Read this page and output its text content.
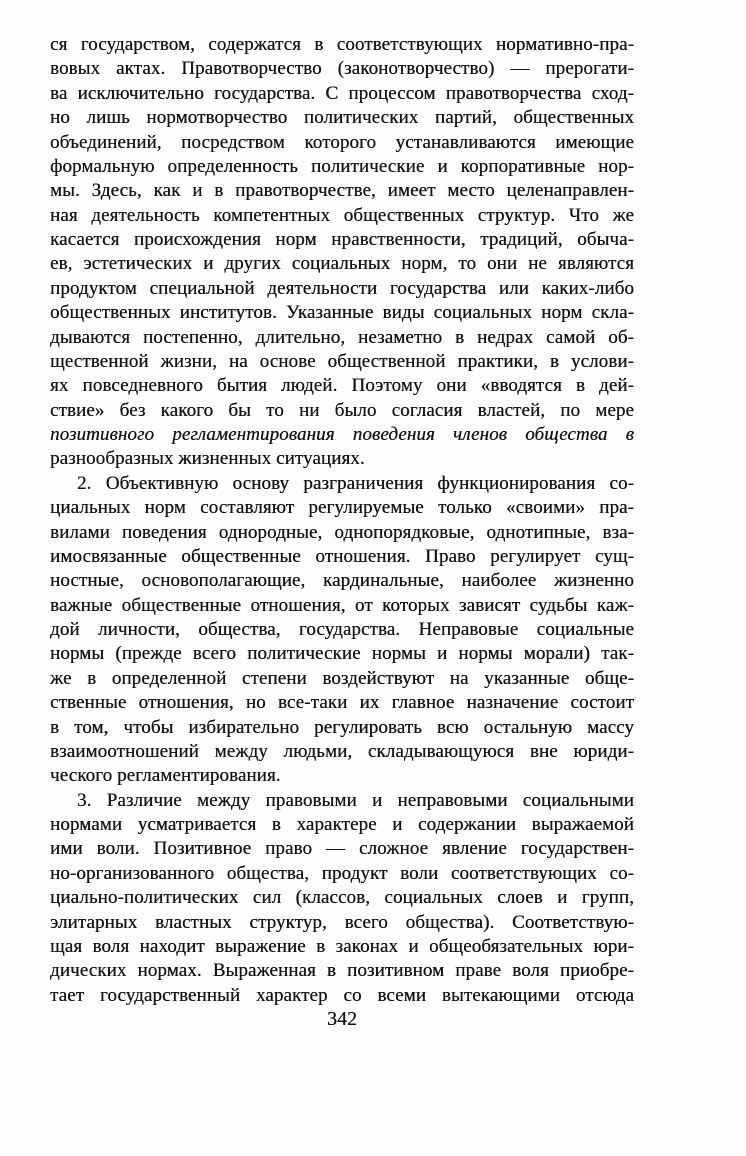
ся государством, содержатся в соответствующих нормативно-пра-
вовых актах. Правотворчество (законотворчество) — прерогати-
ва исключительно государства. С процессом правотворчества сход-
но лишь нормотворчество политических партий, общественных
объединений, посредством которого устанавливаются имеющие
формальную определенность политические и корпоративные нор-
мы. Здесь, как и в правотворчестве, имеет место целенаправлен-
ная деятельность компетентных общественных структур. Что же
касается происхождения норм нравственности, традиций, обыча-
ев, эстетических и других социальных норм, то они не являются
продуктом специальной деятельности государства или каких-либо
общественных институтов. Указанные виды социальных норм скла-
дываются постепенно, длительно, незаметно в недрах самой об-
щественной жизни, на основе общественной практики, в услови-
ях повседневного бытия людей. Поэтому они «вводятся в дей-
ствие» без какого бы то ни было согласия властей, по мере
позитивного регламентирования поведения членов общества в
разнообразных жизненных ситуациях.
2. Объективную основу разграничения функционирования со-
циальных норм составляют регулируемые только «своими» пра-
вилами поведения однородные, однопорядковые, однотипные, вза-
имосвязанные общественные отношения. Право регулирует сущ-
ностные, основополагающие, кардинальные, наиболее жизненно
важные общественные отношения, от которых зависят судьбы каж-
дой личности, общества, государства. Неправовые социальные
нормы (прежде всего политические нормы и нормы морали) так-
же в определенной степени воздействуют на указанные обще-
ственные отношения, но все-таки их главное назначение состоит
в том, чтобы избирательно регулировать всю остальную массу
взаимоотношений между людьми, складывающуюся вне юриди-
ческого регламентирования.
3. Различие между правовыми и неправовыми социальными
нормами усматривается в характере и содержании выражаемой
ими воли. Позитивное право — сложное явление государствен-
но-организованного общества, продукт воли соответствующих со-
циально-политических сил (классов, социальных слоев и групп,
элитарных властных структур, всего общества). Соответствую-
щая воля находит выражение в законах и общеобязательных юри-
дических нормах. Выраженная в позитивном праве воля приобре-
тает государственный характер со всеми вытекающими отсюда
342
